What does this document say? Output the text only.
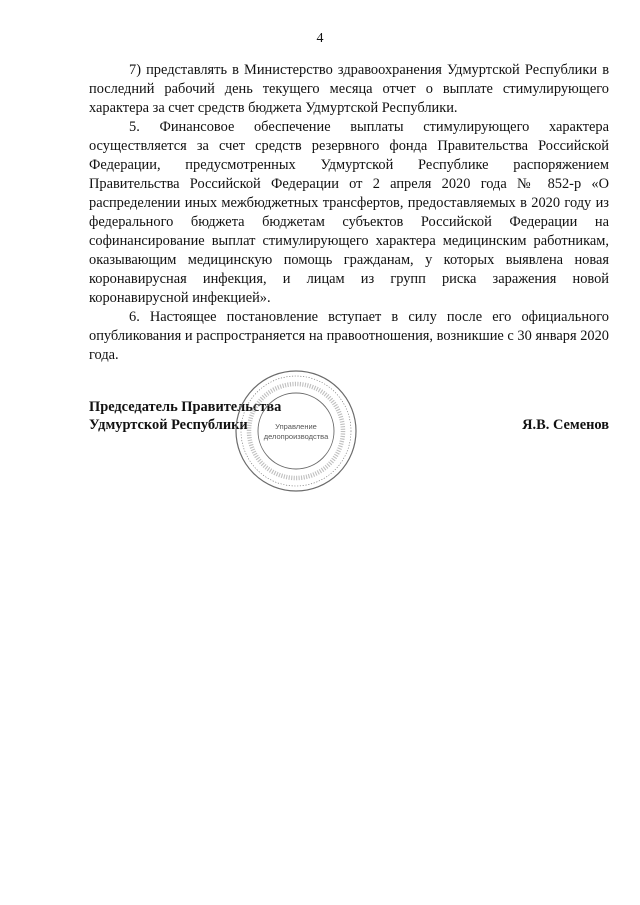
4

7) представлять в Министерство здравоохранения Удмуртской Республики в последний рабочий день текущего месяца отчет о выплате стимулирующего характера за счет средств бюджета Удмуртской Республики.

5. Финансовое обеспечение выплаты стимулирующего характера осуществляется за счет средств резервного фонда Правительства Российской Федерации, предусмотренных Удмуртской Республике распоряжением Правительства Российской Федерации от 2 апреля 2020 года № 852-р «О распределении иных межбюджетных трансфертов, предоставляемых в 2020 году из федерального бюджета бюджетам субъектов Российской Федерации на софинансирование выплат стимулирующего характера медицинским работникам, оказывающим медицинскую помощь гражданам, у которых выявлена новая коронавирусная инфекция, и лицам из групп риска заражения новой коронавирусной инфекцией».

6. Настоящее постановление вступает в силу после его официального опубликования и распространяется на правоотношения, возникшие с 30 января 2020 года.

Председатель Правительства
Удмуртской Республики	Я.В. Семенов
Управление
делопроизводства
